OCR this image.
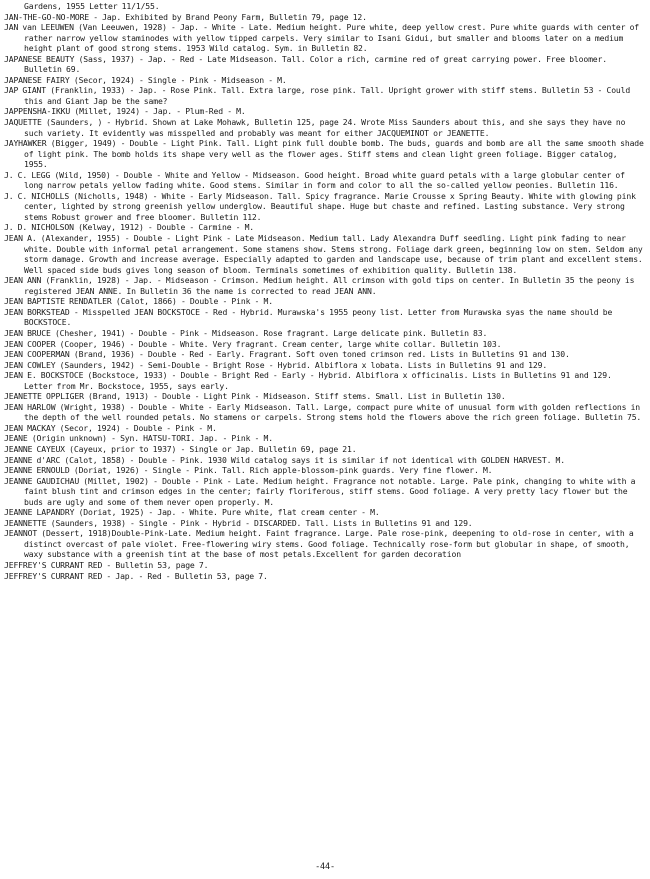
Gardens, 1955 Letter 11/1/55.

JAN-THE-GO-NO-MORE - Jap. Exhibited by Brand Peony Farm, Bulletin 79, page 12.

JAN van LEEUWEN (Van Leeuwen, 1928) - Jap. - White - Late. Medium height. Pure white, deep yellow crest. Pure white guards with center of rather narrow yellow staminodes with yellow tipped carpels. Very similar to Isani Gidui, but smaller and blooms later on a medium height plant of good strong stems. 1953 Wild catalog. Sym. in Bulletin 82.

JAPANESE BEAUTY (Sass, 1937) - Jap. - Red - Late Midseason. Tall. Color a rich, carmine red of great carrying power. Free bloomer. Bulletin 69.

JAPANESE FAIRY (Secor, 1924) - Single - Pink - Midseason - M.

JAP GIANT (Franklin, 1933) - Jap. - Rose Pink. Tall. Extra large, rose pink. Tall. Upright grower with stiff stems. Bulletin 53 - Could this and Giant Jap be the same?

JAPPENSHA-IKKU (Millet, 1924) - Jap. - Plum-Red - M.

JAQUETTE (Saunders, ) - Hybrid. Shown at Lake Mohawk, Bulletin 125, page 24. Wrote Miss Saunders about this, and she says they have no such variety. It evidently was misspelled and probably was meant for either JACQUEMINOT or JEANETTE.

JAYHAWKER (Bigger, 1949) - Double - Light Pink. Tall. Light pink full double bomb. The buds, guards and bomb are all the same smooth shade of light pink. The bomb holds its shape very well as the flower ages. Stiff stems and clean light green foliage. Bigger catalog, 1955.

J. C. LEGG (Wild, 1950) - Double - White and Yellow - Midseason. Good height. Broad white guard petals with a large globular center of long narrow petals yellow fading white. Good stems. Similar in form and color to all the so-called yellow peonies. Bulletin 116.

J. C. NICHOLLS (Nicholls, 1948) - White - Early Midseason. Tall. Spicy fragrance. Marie Crousse x Spring Beauty. White with glowing pink center, lighted by strong greenish yellow underglow. Beautiful shape. Huge but chaste and refined. Lasting substance. Very strong stems Robust grower and free bloomer. Bulletin 112.

J. D. NICHOLSON (Kelway, 1912) - Double - Carmine - M.

JEAN A. (Alexander, 1955) - Double - Light Pink - Late Midseason. Medium tall. Lady Alexandra Duff seedling. Light pink fading to near white. Double with informal petal arrangement. Some stamens show. Stems strong. Foliage dark green, beginning low on stem. Seldom any storm damage. Growth and increase average. Especially adapted to garden and landscape use, because of trim plant and excellent stems. Well spaced side buds gives long season of bloom. Terminals sometimes of exhibition quality. Bulletin 138.

JEAN ANN (Franklin, 1928) - Jap. - Midseason - Crimson. Medium height. All crimson with gold tips on center. In Bulletin 35 the peony is registered JEAN ANNE. In Bulletin 36 the name is corrected to read JEAN ANN.

JEAN BAPTISTE RENDATLER (Calot, 1866) - Double - Pink - M.

JEAN BORKSTEAD - Misspelled JEAN BOCKSTOCE - Red - Hybrid. Murawska's 1955 peony list. Letter from Murawska syas the name should be BOCKSTOCE.

JEAN BRUCE (Chesher, 1941) - Double - Pink - Midseason. Rose fragrant. Large delicate pink. Bulletin 83.

JEAN COOPER (Cooper, 1946) - Double - White. Very fragrant. Cream center, large white collar. Bulletin 103.

JEAN COOPERMAN (Brand, 1936) - Double - Red - Early. Fragrant. Soft oven toned crimson red. Lists in Bulletins 91 and 130.

JEAN COWLEY (Saunders, 1942) - Semi-Double - Bright Rose - Hybrid. Albiflora x lobata. Lists in Bulletins 91 and 129.

JEAN E. BOCKSTOCE (Bockstoce, 1933) - Double - Bright Red - Early - Hybrid. Albiflora x officinalis. Lists in Bulletins 91 and 129. Letter from Mr. Bockstoce, 1955, says early.

JEANETTE OPPLIGER (Brand, 1913) - Double - Light Pink - Midseason. Stiff stems. Small. List in Bulletin 130.

JEAN HARLOW (Wright, 1938) - Double - White - Early Midseason. Tall. Large, compact pure white of unusual form with golden reflections in the depth of the well rounded petals. No stamens or carpels. Strong stems hold the flowers above the rich green foliage. Bulletin 75.

JEAN MACKAY (Secor, 1924) - Double - Pink - M.

JEANE (Origin unknown) - Syn. HATSU-TORI. Jap. - Pink - M.

JEANNE CAYEUX (Cayeux, prior to 1937) - Single or Jap. Bulletin 69, page 21.

JEANNE d'ARC (Calot, 1858) - Double - Pink. 1930 Wild catalog says it is similar if not identical with GOLDEN HARVEST. M.

JEANNE ERNOULD (Doriat, 1926) - Single - Pink. Tall. Rich apple-blossom-pink guards. Very fine flower. M.

JEANNE GAUDICHAU (Millet, 1902) - Double - Pink - Late. Medium height. Fragrance not notable. Large. Pale pink, changing to white with a faint blush tint and crimson edges in the center; fairly floriferous, stiff stems. Good foliage. A very pretty lacy flower but the buds are ugly and some of them never open properly. M.

JEANNE LAPANDRY (Doriat, 1925) - Jap. - White. Pure white, flat cream center - M.

JEANNETTE (Saunders, 1938) - Single - Pink - Hybrid - DISCARDED. Tall. Lists in Bulletins 91 and 129.

JEANNOT (Dessert, 1918)Double-Pink-Late. Medium height. Faint fragrance. Large. Pale rose-pink, deepening to old-rose in center, with a distinct overcast of pale violet. Free-flowering wiry stems. Good foliage. Technically rose-form but globular in shape, of smooth, waxy substance with a greenish tint at the base of most petals.Excellent for garden decoration

JEFFREY'S CURRANT RED - Bulletin 53, page 7.

JEFFREY'S CURRANT RED - Jap. - Red - Bulletin 53, page 7.

-44-
